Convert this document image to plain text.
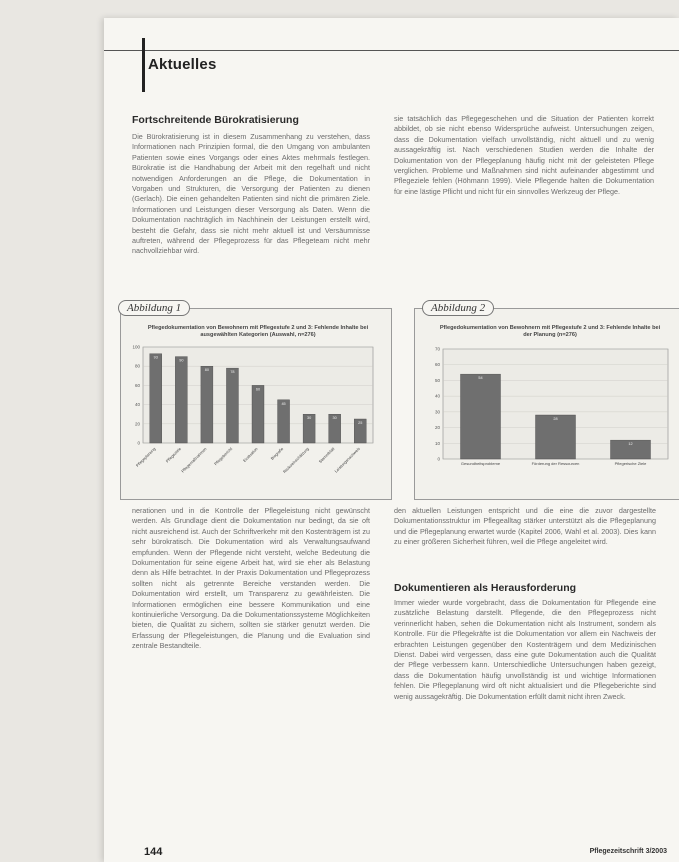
Aktuelles
Fortschreitende Bürokratisierung
Die Bürokratisierung ist in diesem Zusammenhang zu verstehen, dass Informationen nach Prinzipien formal, die den Umgang von ambulanten Patienten sowie eines Vorgangs oder eines Aktes mehrmals festlegen. Bürokratie ist die Handhabung der Arbeit mit den regelhaft und nicht notwendigen Anforderungen an die Pflege, die Dokumentation in Vorgaben und Strukturen, die Versorgung der Patienten zu dienen (Gerlach). Die einen gehandelten Patienten sind nicht die primären Ziele. Informationen und Leistungen dieser Versorgung als Daten. Wenn die Dokumentation nachträglich im Nachhinein der Leistungen erstellt wird, besteht die Gefahr, dass sie nicht mehr aktuell ist und Versäumnisse auftreten, während der Pflegeprozess für das Pflegeteam nicht mehr nachvollziehbar wird.
sie tatsächlich das Pflegegeschehen und die Situation der Patienten korrekt abbildet, ob sie nicht ebenso Widersprüche aufweist. Untersuchungen zeigen, dass die Dokumentation vielfach unvollständig, nicht aktuell und zu wenig aussagekräftig ist. Nach verschiedenen Studien werden die Inhalte der Dokumentation von der Pflegeplanung häufig nicht mit der geleisteten Pflege verglichen. Probleme und Maßnahmen sind nicht aufeinander abgestimmt und Pflegeziele fehlen (Höhmann 1999). Viele Pflegende halten die Dokumentation für eine lästige Pflicht und nicht für ein sinnvolles Werkzeug der Pflege.
Pflegedokumentation von Bewohnern mit Pflegestufe 2 und 3: Fehlende Inhalte bei ausgewählten Kategorien (Auswahl, n=276)
0
20
40
60
80
100
93
Pflegeplanung
90
Pflegeziele
80
Pflegemaßnahmen
78
Pflegebericht
60
Evaluation
45
Biografie
30
Risikoeinschätzung
30
Stammblatt
25
Leistungsnachweis
Abbildung 1
Pflegedokumentation von Bewohnern mit Pflegestufe 2 und 3: Fehlende Inhalte bei der Planung (n=276)
0
10
20
30
40
50
60
70
54
Gesundheitsprobleme
28
Förderung der Ressourcen
12
Pflegerische Ziele
Abbildung 2
nerationen und in die Kontrolle der Pflegeleistung nicht gewünscht werden. Als Grundlage dient die Dokumentation nur bedingt, da sie oft nicht ausreichend ist. Auch der Schriftverkehr mit den Kostenträgern ist zu sehr bürokratisch. Die Dokumentation wird als Verwaltungsaufwand empfunden. Wenn der Pflegende nicht versteht, welche Bedeutung die Dokumentation für seine eigene Arbeit hat, wird sie eher als Belastung denn als Hilfe betrachtet. In der Praxis Dokumentation und Pflegeprozess sollten nicht als getrennte Bereiche verstanden werden. Die Dokumentation wird erstellt, um Transparenz zu gewährleisten. Die Informationen ermöglichen eine bessere Kommunikation und eine kontinuierliche Versorgung. Da die Dokumentationssysteme Möglichkeiten bieten, die Qualität zu sichern, sollten sie stärker genutzt werden. Die Erfassung der Pflegeleistungen, die Planung und die Evaluation sind zentrale Bestandteile.
den aktuellen Leistungen entspricht und die eine die zuvor dargestellte Dokumentationsstruktur im Pflegealltag stärker unterstützt als die Pflegeplanung und die Pflegeplanung erwartet wurde (Kapitel 2006, Wahl et al. 2003). Dies kann zu einer größeren Sicherheit führen, weil die Pflege angeleitet wird.
Dokumentieren als Herausforderung
Immer wieder wurde vorgebracht, dass die Dokumentation für Pflegende eine zusätzliche Belastung darstellt. Pflegende, die den Pflegeprozess nicht verinnerlicht haben, sehen die Dokumentation nicht als Instrument, sondern als Kontrolle. Für die Pflegekräfte ist die Dokumentation vor allem ein Nachweis der erbrachten Leistungen gegenüber den Kostenträgern und dem Medizinischen Dienst. Dabei wird vergessen, dass eine gute Dokumentation auch die Qualität der Pflege verbessern kann. Unterschiedliche Untersuchungen haben gezeigt, dass die Dokumentation häufig unvollständig ist und wichtige Informationen fehlen. Die Pflegeplanung wird oft nicht aktualisiert und die Pflegeberichte sind wenig aussagekräftig. Die Dokumentation erfüllt damit nicht ihren Zweck.
144	Pflegezeitschrift 3/2003
